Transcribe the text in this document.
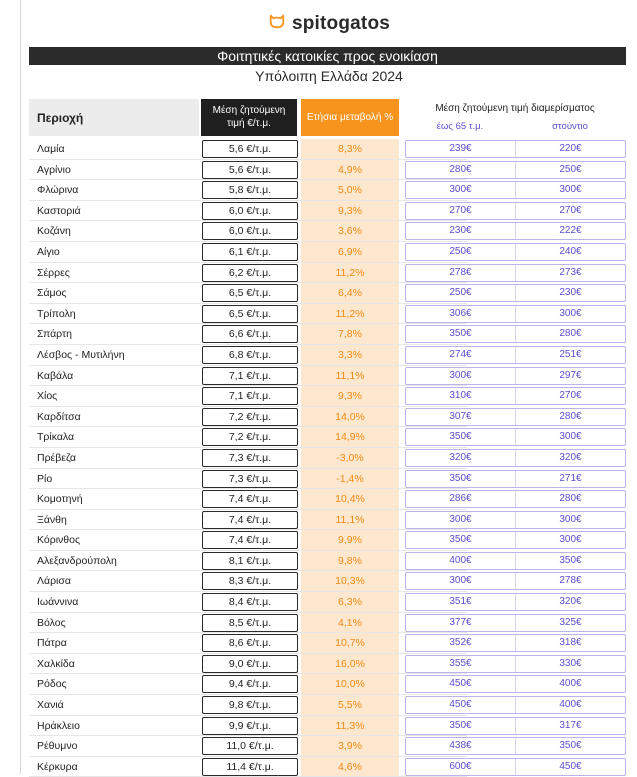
spitogatos
Φοιτητικές κατοικίες προς ενοικίαση
Υπόλοιπη Ελλάδα 2024
Περιοχή	Μέση ζητούμενη τιμή €/τ.μ.	Ετήσια μεταβολή %
Μέση ζητούμενη τιμή διαμερίσματος
έως 65 τ.μ.	στούντιο
Λαμία	5,6 €/τ.μ.	8,3%	239€	220€
Αγρίνιο	5,6 €/τ.μ.	4,9%	280€	250€
Φλώρινα	5,8 €/τ.μ.	5,0%	300€	300€
Καστοριά	6,0 €/τ.μ.	9,3%	270€	270€
Κοζάνη	6,0 €/τ.μ.	3,6%	230€	222€
Αίγιο	6,1 €/τ.μ.	6,9%	250€	240€
Σέρρες	6,2 €/τ.μ.	11,2%	278€	273€
Σάμος	6,5 €/τ.μ.	6,4%	250€	230€
Τρίπολη	6,5 €/τ.μ.	11,2%	306€	300€
Σπάρτη	6,6 €/τ.μ.	7,8%	350€	280€
Λέσβος - Μυτιλήνη	6,8 €/τ.μ.	3,3%	274€	251€
Καβάλα	7,1 €/τ.μ.	11,1%	300€	297€
Χίος	7,1 €/τ.μ.	9,3%	310€	270€
Καρδίτσα	7,2 €/τ.μ.	14,0%	307€	280€
Τρίκαλα	7,2 €/τ.μ.	14,9%	350€	300€
Πρέβεζα	7,3 €/τ.μ.	-3,0%	320€	320€
Ρίο	7,3 €/τ.μ.	-1,4%	350€	271€
Κομοτηνή	7,4 €/τ.μ.	10,4%	286€	280€
Ξάνθη	7,4 €/τ.μ.	11,1%	300€	300€
Κόρινθος	7,4 €/τ.μ.	9,9%	350€	300€
Αλεξανδρούπολη	8,1 €/τ.μ.	9,8%	400€	350€
Λάρισα	8,3 €/τ.μ.	10,3%	300€	278€
Ιωάννινα	8,4 €/τ.μ.	6,3%	351€	320€
Βόλος	8,5 €/τ.μ.	4,1%	377€	325€
Πάτρα	8,6 €/τ.μ.	10,7%	352€	318€
Χαλκίδα	9,0 €/τ.μ.	16,0%	355€	330€
Ρόδος	9,4 €/τ.μ.	10,0%	450€	400€
Χανιά	9,8 €/τ.μ.	5,5%	450€	400€
Ηράκλειο	9,9 €/τ.μ.	11,3%	350€	317€
Ρέθυμνο	11,0 €/τ.μ.	3,9%	438€	350€
Κέρκυρα	11,4 €/τ.μ.	4,6%	600€	450€
